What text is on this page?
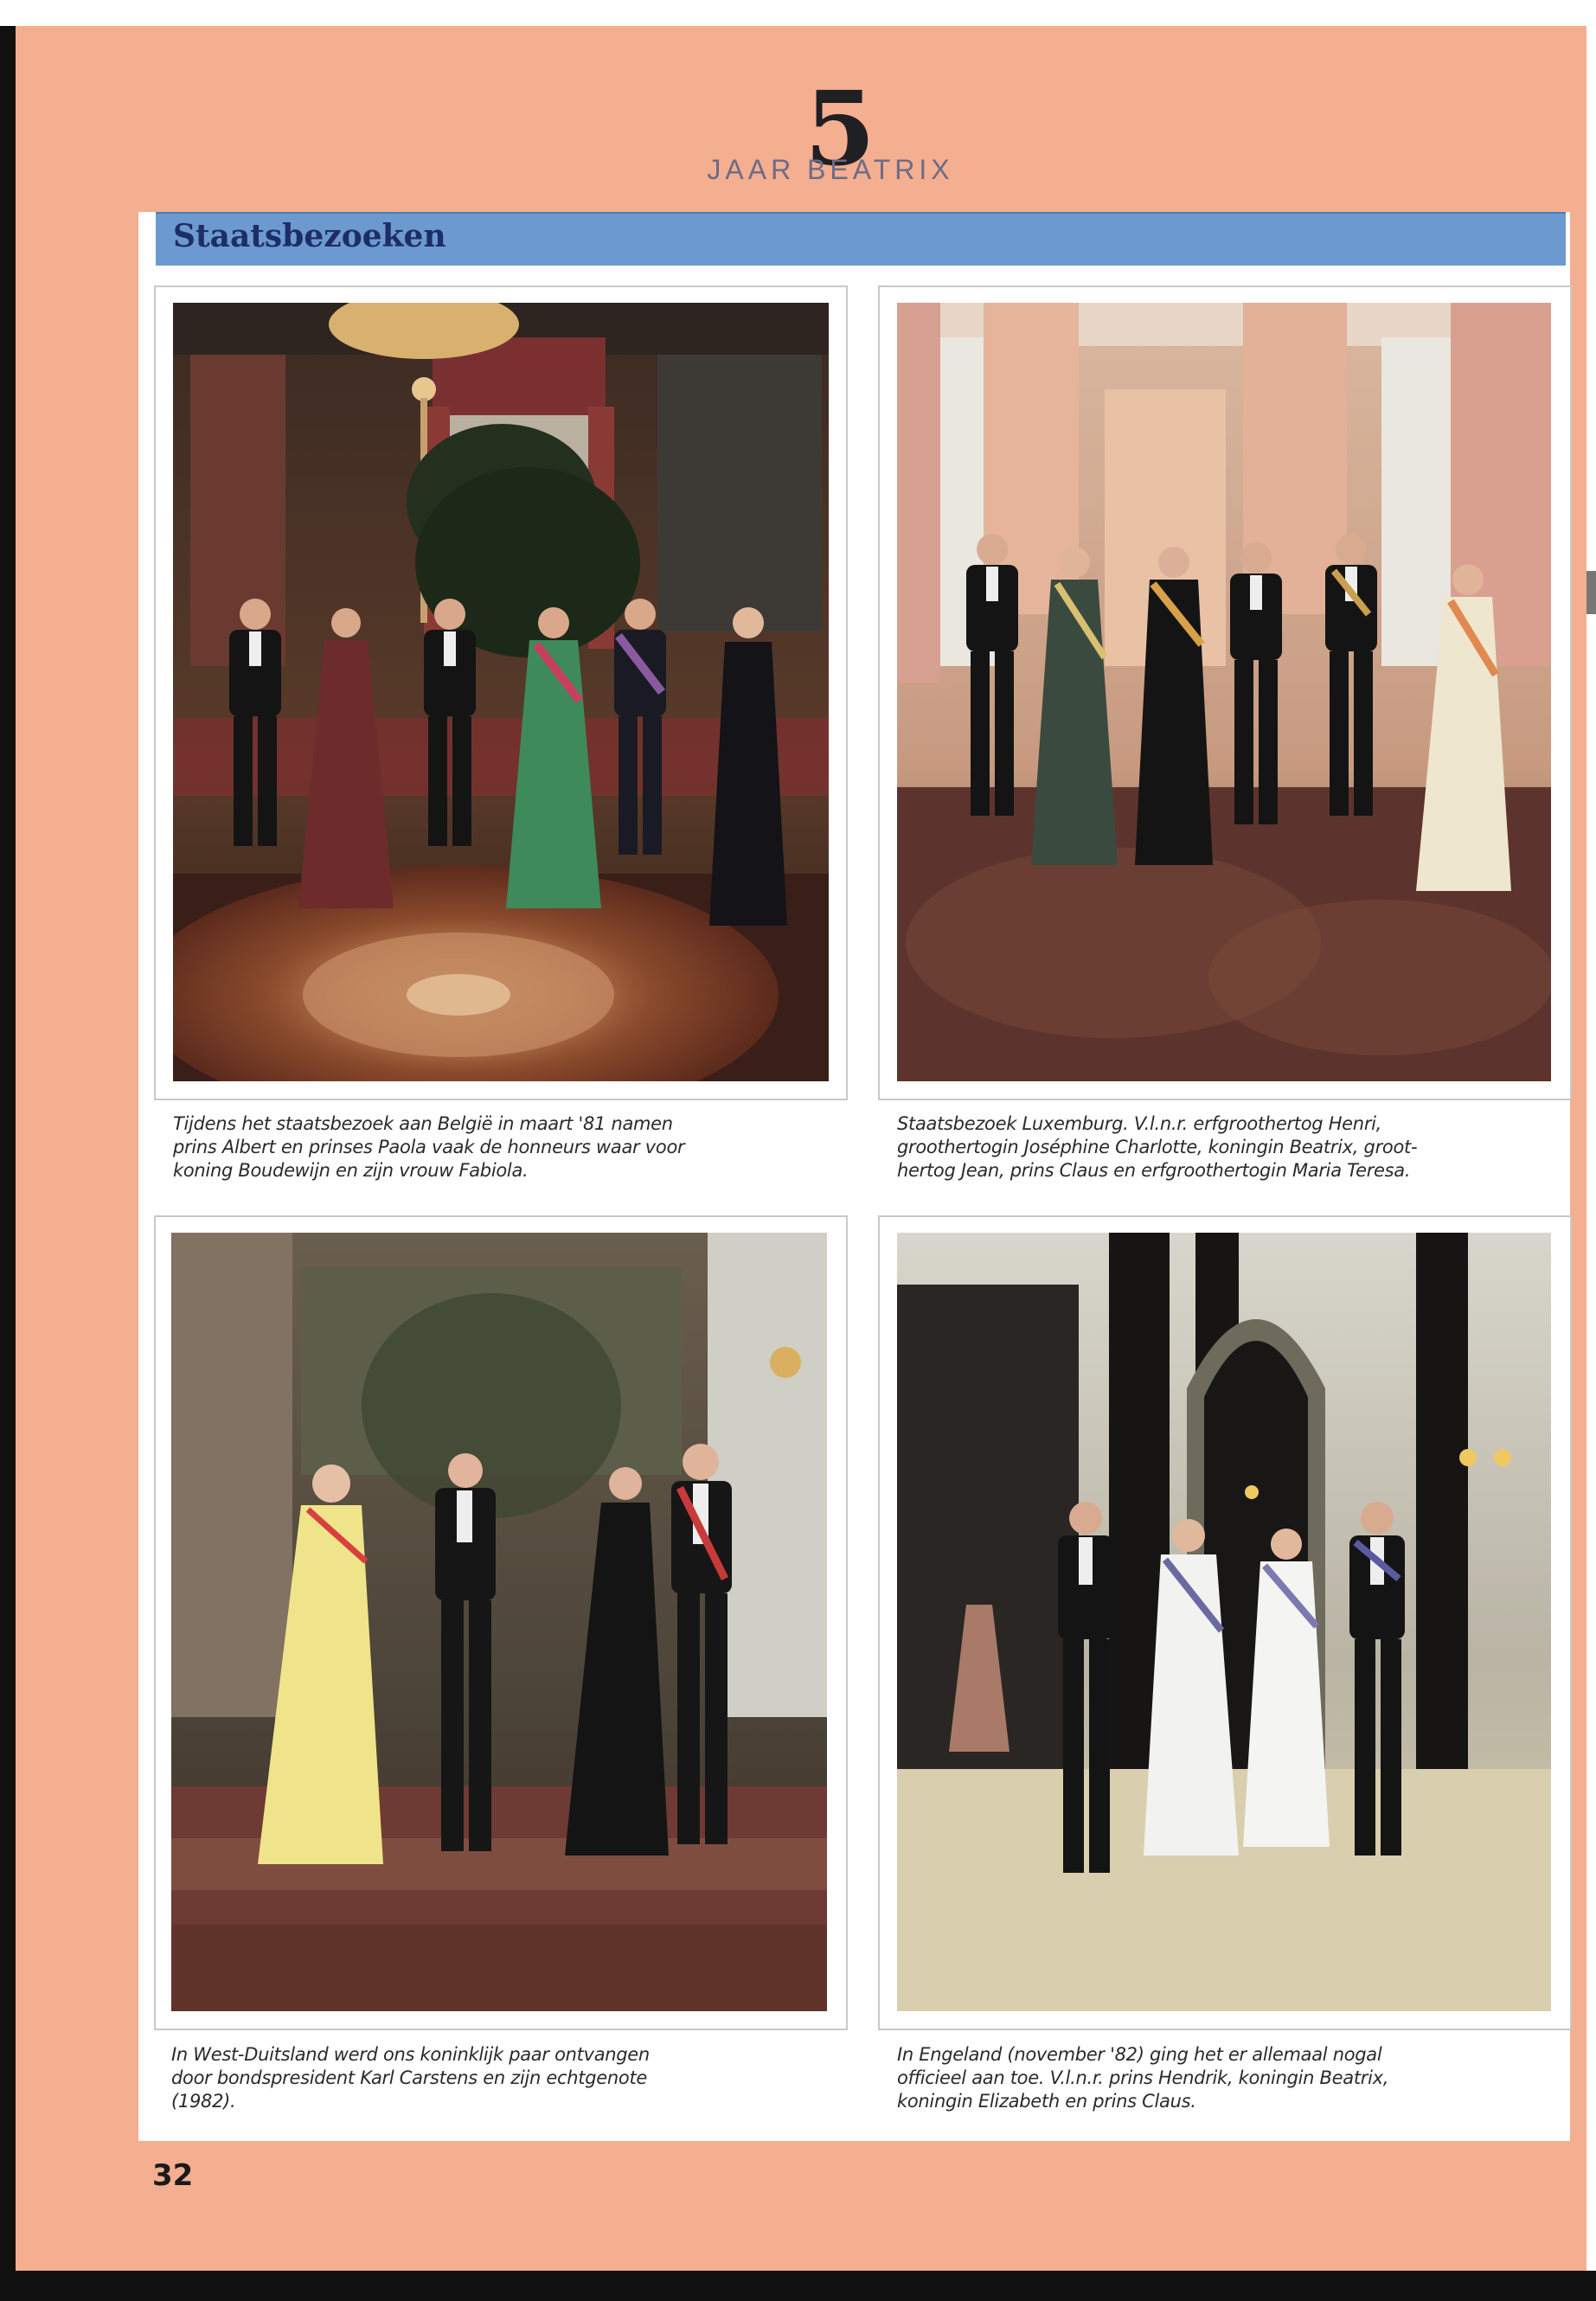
5
JAAR BEATRIX
Staatsbezoeken
Tijdens het staatsbezoek aan België in maart '81 namen
prins Albert en prinses Paola vaak de honneurs waar voor
koning Boudewijn en zijn vrouw Fabiola.
Staatsbezoek Luxemburg. V.l.n.r. erfgroothertog Henri,
groothertogin Joséphine Charlotte, koningin Beatrix, groot-
hertog Jean, prins Claus en erfgroothertogin Maria Teresa.
In West-Duitsland werd ons koninklijk paar ontvangen
door bondspresident Karl Carstens en zijn echtgenote
(1982).
In Engeland (november '82) ging het er allemaal nogal
officieel aan toe. V.l.n.r. prins Hendrik, koningin Beatrix,
koningin Elizabeth en prins Claus.
32
